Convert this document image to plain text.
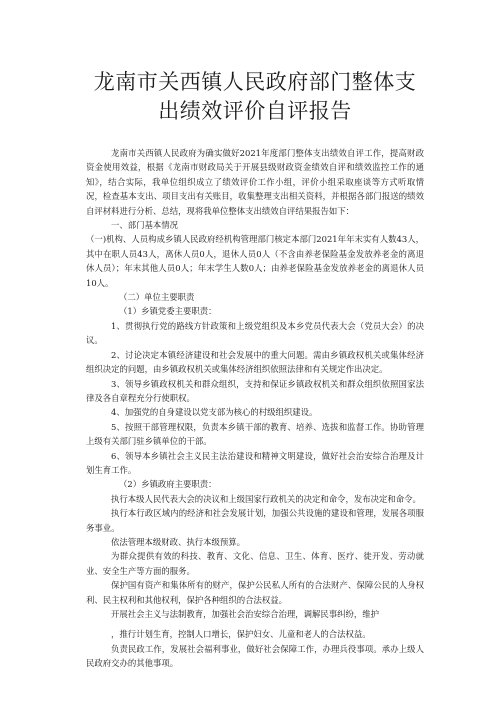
龙南市关西镇人民政府部门整体支出绩效评价自评报告

龙南市关西镇人民政府为确实做好2021年度部门整体支出绩效自评工作，提高财政资金使用效益，根据《龙南市财政局关于开展县级财政资金绩效自评和绩效监控工作的通知》，结合实际，我单位组织成立了绩效评价工作小组，评价小组采取座谈等方式听取情况，检查基本支出、项目支出有关账目，收集整理支出相关资料，并根据各部门报送的绩效自评材料进行分析、总结，现将我单位整体支出绩效自评结果报告如下：

一、部门基本情况

（一)机构、人员构成乡镇人民政府经机构管理部门核定本部门2021年年末实有人数43人，其中在职人员43人，离休人员0人，退休人员0人（不含由养老保险基金发放养老金的离退休人员）；年末其他人员0人；年末学生人数0人；由养老保险基金发放养老金的离退休人员10人。

（二）单位主要职责

（1）乡镇党委主要职责：

1、贯彻执行党的路线方针政策和上级党组织及本乡党员代表大会（党员大会）的决议。

2、讨论决定本镇经济建设和社会发展中的重大问题。需由乡镇政权机关或集体经济组织决定的问题，由乡镇政权机关或集体经济组织依照法律和有关规定作出决定。

3、领导乡镇政权机关和群众组织，支持和保证乡镇政权机关和群众组织依照国家法律及各自章程充分行使职权。

4、加强党的自身建设以党支部为核心的村级组织建设。

5、按照干部管理权限，负责本乡镇干部的教育、培养、选拔和监督工作。协助管理上级有关部门驻乡镇单位的干部。

6、领导本乡镇社会主义民主法治建设和精神文明建设，做好社会治安综合治理及计划生育工作。

（2）乡镇政府主要职责：

执行本级人民代表大会的决议和上级国家行政机关的决定和命令，发布决定和命令。

执行本行政区域内的经济和社会发展计划，加强公共设施的建设和管理，发展各项服务事业。

依法管理本级财政、执行本级预算。

为群众提供有效的科技、教育、文化、信息、卫生、体育、医疗、徙开发、劳动就业、安全生产等方面的服务。

保护国有资产和集体所有的财产，保护公民私人所有的合法财产、保障公民的人身权利、民主权利和其他权利，保护各种组织的合法权益。

开展社会主义与法制教育，加强社会治安综合治理，调解民事纠纷，维护

，推行计划生育，控制人口增长，保护妇女、儿童和老人的合法权益。

负责民政工作，发展社会福利事业，做好社会保障工作，办理兵役事项。承办上级人民政府交办的其他事项。
